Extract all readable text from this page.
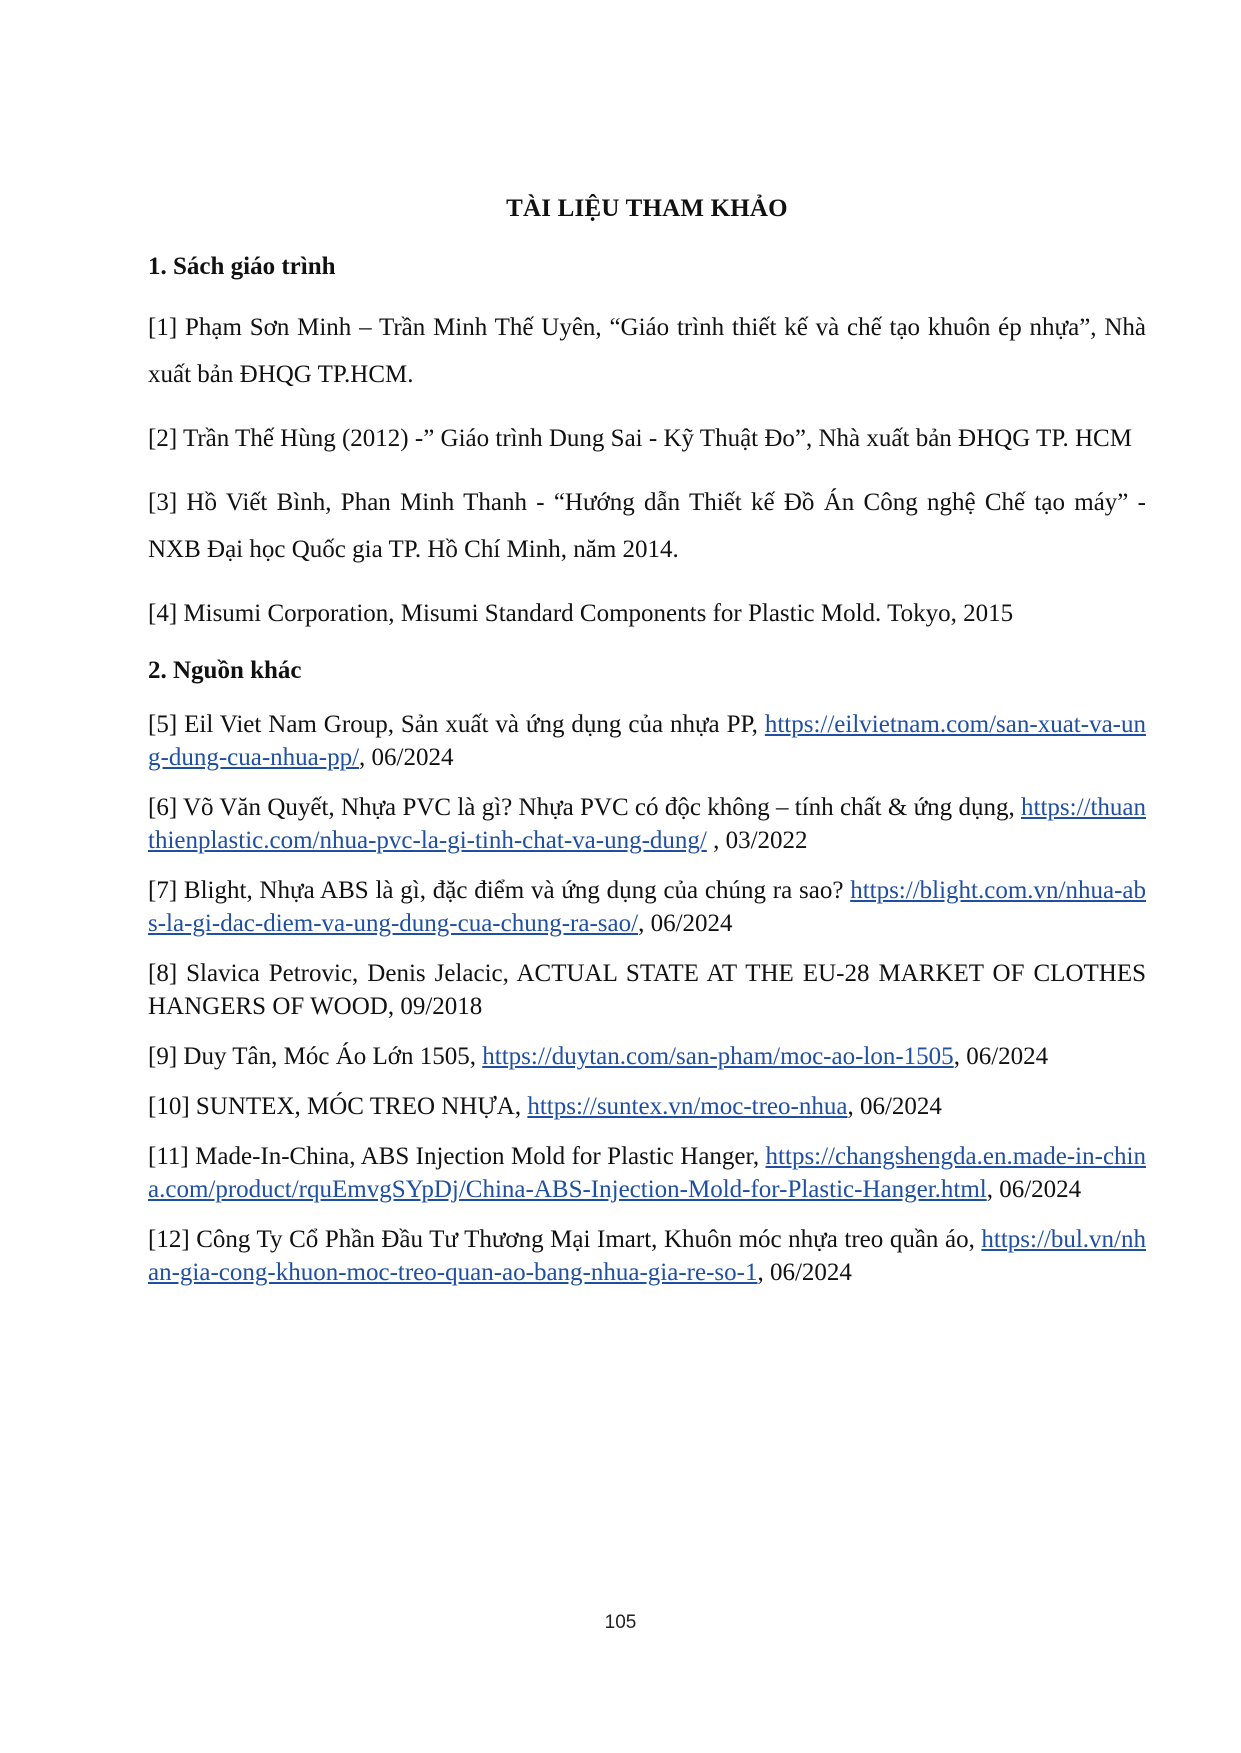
TÀI LIỆU THAM KHẢO
1. Sách giáo trình

[1] Phạm Sơn Minh – Trần Minh Thế Uyên, “Giáo trình thiết kế và chế tạo khuôn ép nhựa”, Nhà xuất bản ĐHQG TP.HCM.

[2] Trần Thế Hùng (2012) -” Giáo trình Dung Sai - Kỹ Thuật Đo”, Nhà xuất bản ĐHQG TP. HCM

[3] Hồ Viết Bình, Phan Minh Thanh - “Hướng dẫn Thiết kế Đồ Án Công nghệ Chế tạo máy” - NXB Đại học Quốc gia TP. Hồ Chí Minh, năm 2014.

[4] Misumi Corporation, Misumi Standard Components for Plastic Mold. Tokyo, 2015

2. Nguồn khác

[5] Eil Viet Nam Group, Sản xuất và ứng dụng của nhựa PP, https://eilvietnam.com/san-xuat-va-ung-dung-cua-nhua-pp/, 06/2024

[6] Võ Văn Quyết, Nhựa PVC là gì? Nhựa PVC có độc không – tính chất & ứng dụng, https://thuanthienplastic.com/nhua-pvc-la-gi-tinh-chat-va-ung-dung/ , 03/2022

[7] Blight, Nhựa ABS là gì, đặc điểm và ứng dụng của chúng ra sao? https://blight.com.vn/nhua-abs-la-gi-dac-diem-va-ung-dung-cua-chung-ra-sao/, 06/2024

[8] Slavica Petrovic, Denis Jelacic, ACTUAL STATE AT THE EU-28 MARKET OF CLOTHES HANGERS OF WOOD, 09/2018

[9] Duy Tân, Móc Áo Lớn 1505, https://duytan.com/san-pham/moc-ao-lon-1505, 06/2024

[10] SUNTEX, MÓC TREO NHỰA, https://suntex.vn/moc-treo-nhua, 06/2024

[11] Made-In-China, ABS Injection Mold for Plastic Hanger, https://changshengda.en.made-in-china.com/product/rquEmvgSYpDj/China-ABS-Injection-Mold-for-Plastic-Hanger.html, 06/2024

[12] Công Ty Cổ Phần Đầu Tư Thương Mại Imart, Khuôn móc nhựa treo quần áo, https://bul.vn/nhan-gia-cong-khuon-moc-treo-quan-ao-bang-nhua-gia-re-so-1, 06/2024

105
